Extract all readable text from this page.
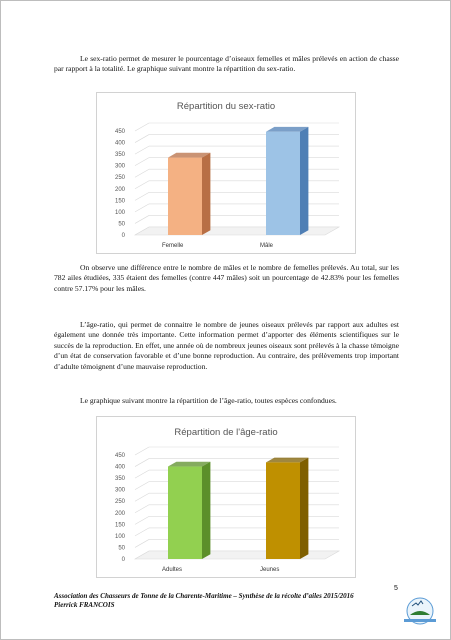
Le sex-ratio permet de mesurer le pourcentage d’oiseaux femelles et mâles prélevés en action de chasse par rapport à la totalité. Le graphique suivant montre la répartition du sex-ratio.

Répartition du sex-ratio
0
50
100
150
200
250
300
350
400
450
Femelle	Mâle

On observe une différence entre le nombre de mâles et le nombre de femelles prélevés. Au total, sur les 782 ailes étudiées, 335 étaient des femelles (contre 447 mâles) soit un pourcentage de 42.83% pour les femelles contre 57.17% pour les mâles.

L’âge-ratio, qui permet de connaitre le nombre de jeunes oiseaux prélevés par rapport aux adultes est également une donnée très importante. Cette information permet d’apporter des éléments scientifiques sur le succès de la reproduction. En effet, une année où de nombreux jeunes oiseaux sont prélevés à la chasse témoigne d’un état de conservation favorable et d’une bonne reproduction. Au contraire, des prélèvements trop important d’adulte témoignent d’une mauvaise reproduction.

Le graphique suivant montre la répartition de l’âge-ratio, toutes espèces confondues.

Répartition de l'âge-ratio
0
50
100
150
200
250
300
350
400
450
Adultes	Jeunes
Association des Chasseurs de Tonne de la Charente-Maritime – Synthèse de la récolte d’ailes 2015/2016
Pierrick FRANCOIS
5
